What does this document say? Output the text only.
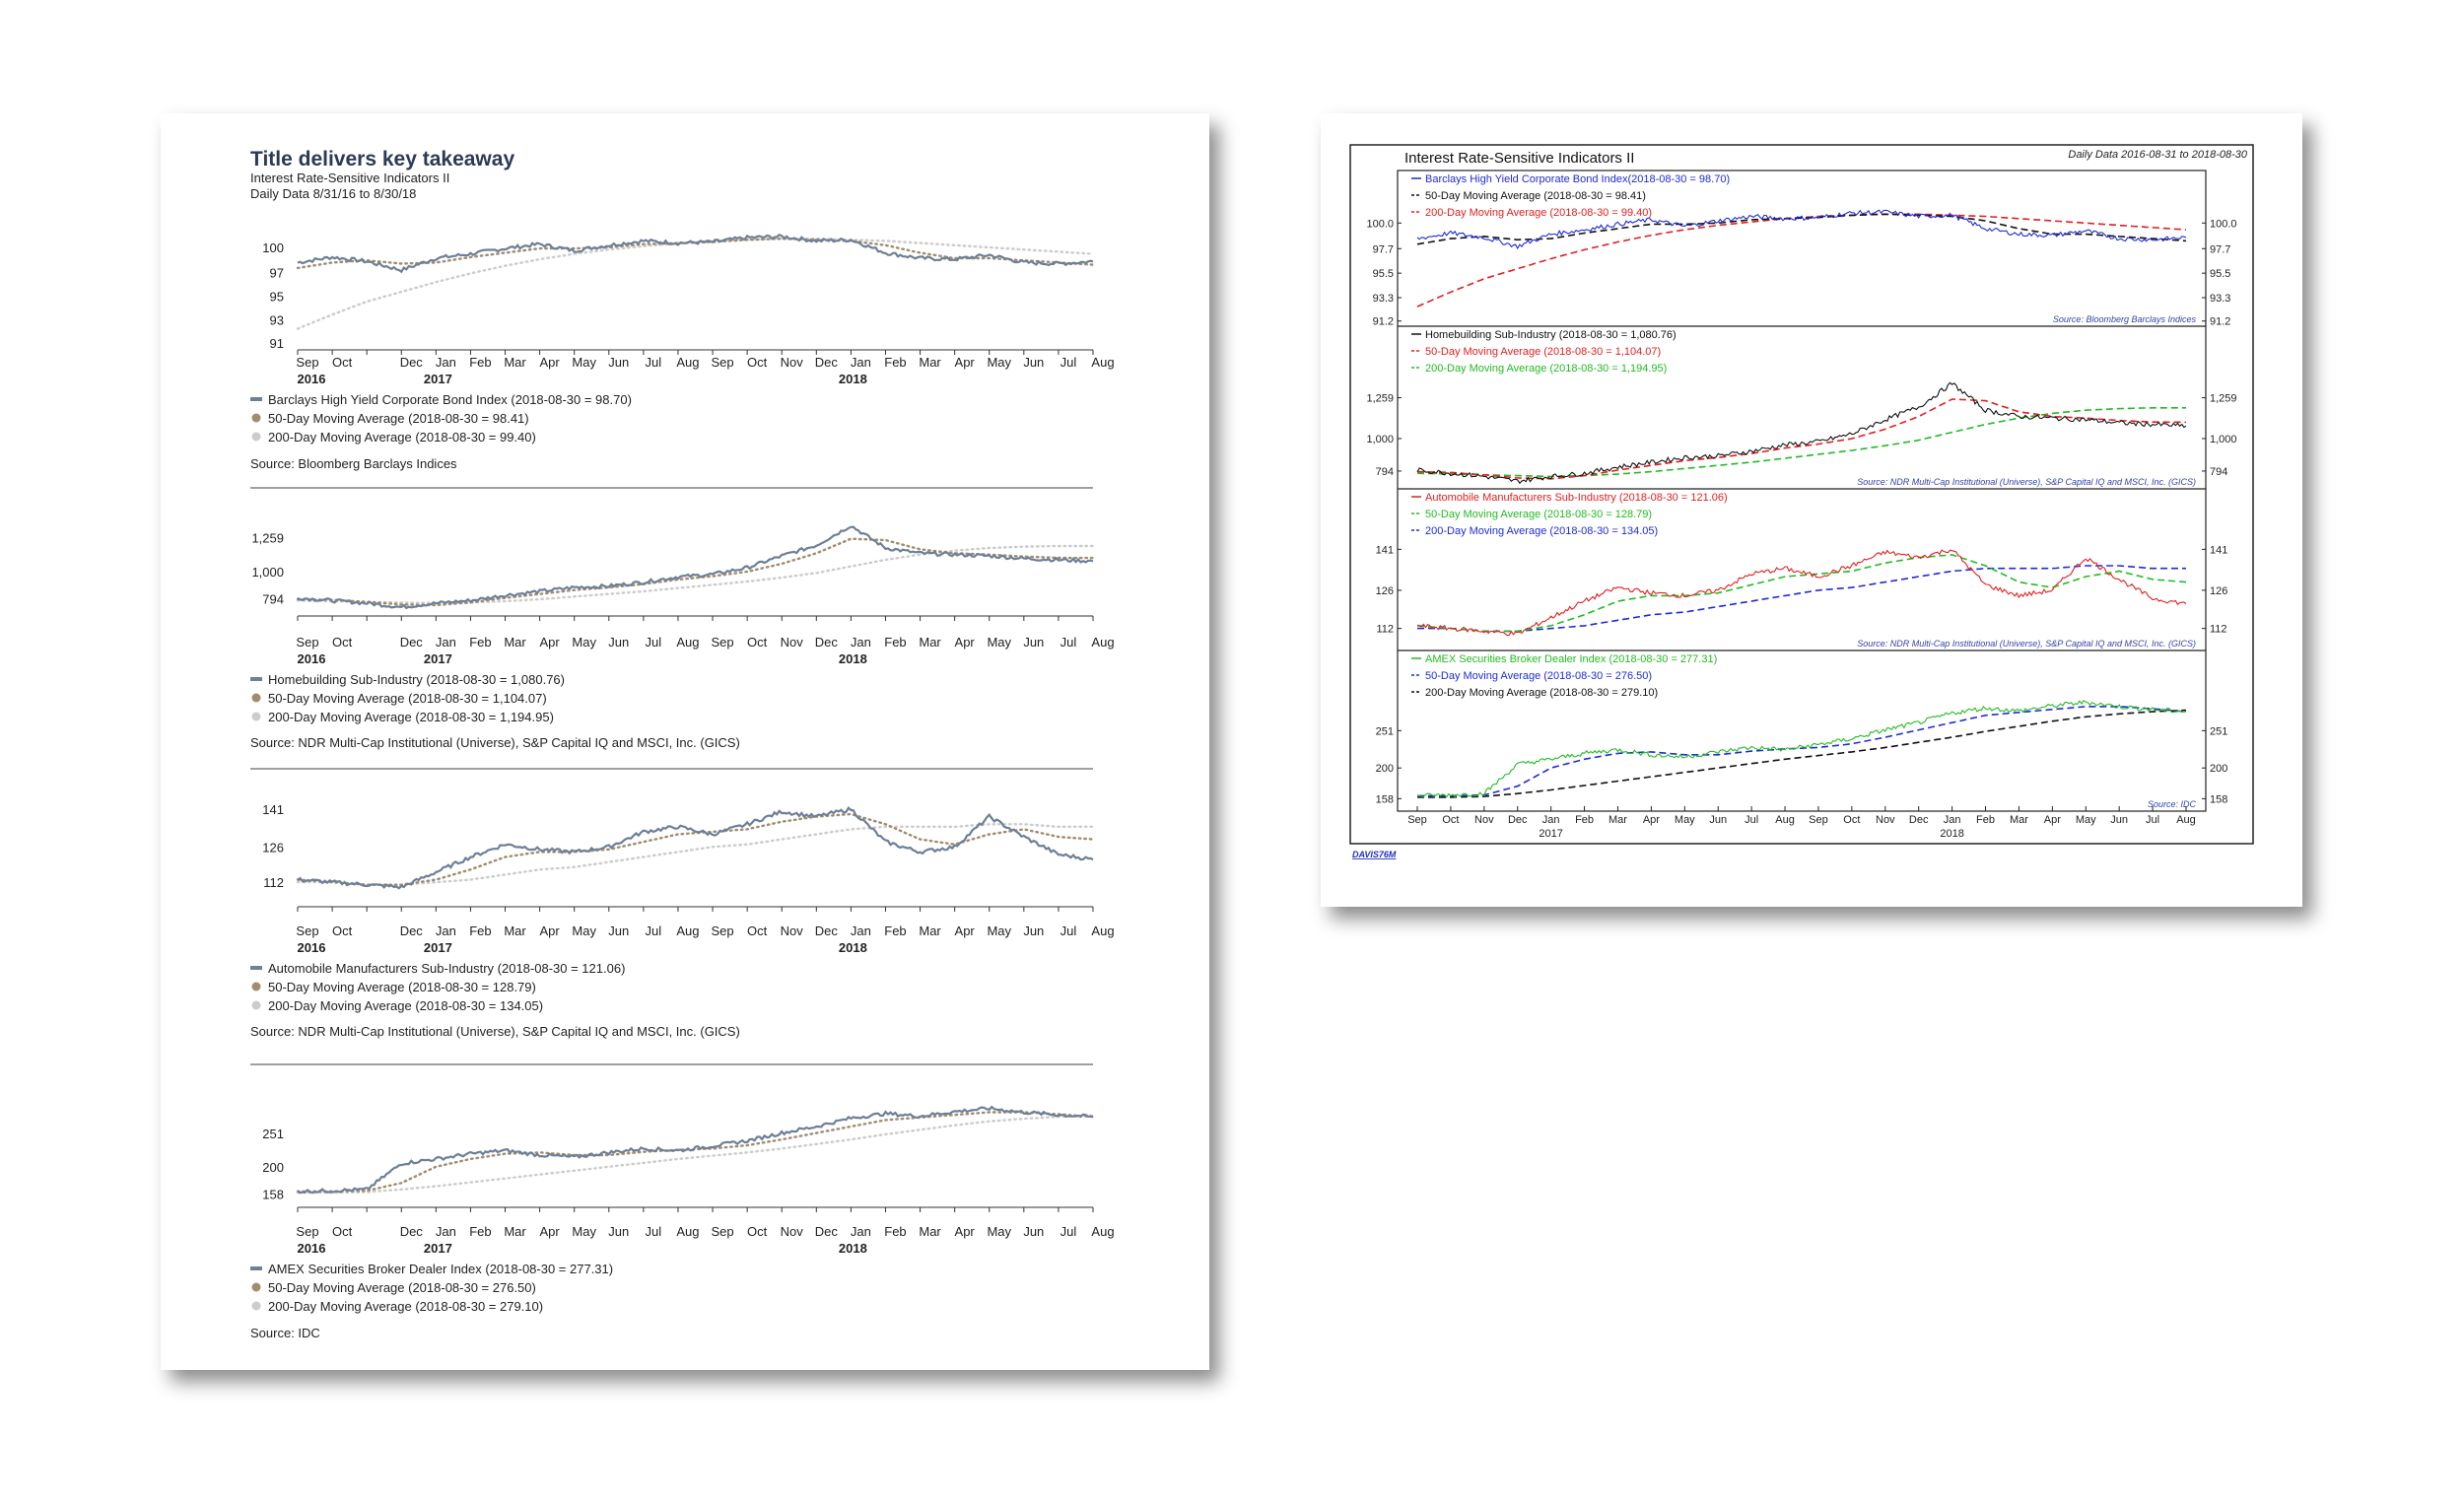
Title delivers key takeaway
Interest Rate-Sensitive Indicators II
Daily Data 8/31/16 to 8/30/18
100
97
95
93
91
Sep Oct	Dec Jan Feb Mar Apr May Jun Jul Aug Sep Oct Nov Dec Jan Feb Mar Apr May Jun Jul Aug
2016	2017	2018
Barclays High Yield Corporate Bond Index (2018-08-30 = 98.70)
50-Day Moving Average (2018-08-30 = 98.41)
200-Day Moving Average (2018-08-30 = 99.40)
Source: Bloomberg Barclays Indices
1,259
1,000
794
Sep Oct	Dec Jan Feb Mar Apr May Jun Jul Aug Sep Oct Nov Dec Jan Feb Mar Apr May Jun Jul Aug
2016	2017	2018
Homebuilding Sub-Industry (2018-08-30 = 1,080.76)
50-Day Moving Average (2018-08-30 = 1,104.07)
200-Day Moving Average (2018-08-30 = 1,194.95)
Source: NDR Multi-Cap Institutional (Universe), S&P Capital IQ and MSCI, Inc. (GICS)
141
126
112
Sep Oct	Dec Jan Feb Mar Apr May Jun Jul Aug Sep Oct Nov Dec Jan Feb Mar Apr May Jun Jul Aug
2016	2017	2018
Automobile Manufacturers Sub-Industry (2018-08-30 = 121.06)
50-Day Moving Average (2018-08-30 = 128.79)
200-Day Moving Average (2018-08-30 = 134.05)
Source: NDR Multi-Cap Institutional (Universe), S&P Capital IQ and MSCI, Inc. (GICS)
251
200
158
Sep Oct	Dec Jan Feb Mar Apr May Jun Jul Aug Sep Oct Nov Dec Jan Feb Mar Apr May Jun Jul Aug
2016	2017	2018
AMEX Securities Broker Dealer Index (2018-08-30 = 277.31)
50-Day Moving Average (2018-08-30 = 276.50)
200-Day Moving Average (2018-08-30 = 279.10)
Source: IDC
Interest Rate-Sensitive Indicators II	Daily Data 2016-08-31 to 2018-08-30
DAVIS76M
100.0	100.0
97.7	97.7
95.5	95.5
93.3	93.3
91.2	91.2
Barclays High Yield Corporate Bond Index(2018-08-30 = 98.70)
50-Day Moving Average (2018-08-30 = 98.41)
200-Day Moving Average (2018-08-30 = 99.40)
Source: Bloomberg Barclays Indices
1,259	1,259
1,000	1,000
794	794
Homebuilding Sub-Industry (2018-08-30 = 1,080.76)
50-Day Moving Average (2018-08-30 = 1,104.07)
200-Day Moving Average (2018-08-30 = 1,194.95)
Source: NDR Multi-Cap Institutional (Universe), S&P Capital IQ and MSCI, Inc. (GICS)
141	141
126	126
112	112
Automobile Manufacturers Sub-Industry (2018-08-30 = 121.06)
50-Day Moving Average (2018-08-30 = 128.79)
200-Day Moving Average (2018-08-30 = 134.05)
Source: NDR Multi-Cap Institutional (Universe), S&P Capital IQ and MSCI, Inc. (GICS)
251	251
200	200
158	158
AMEX Securities Broker Dealer Index (2018-08-30 = 277.31)
50-Day Moving Average (2018-08-30 = 276.50)
200-Day Moving Average (2018-08-30 = 279.10)
Source: IDC
Sep Oct Nov Dec Jan Feb Mar Apr May Jun Jul Aug Sep Oct Nov Dec Jan Feb Mar Apr May Jun Jul Aug
2017	2018
